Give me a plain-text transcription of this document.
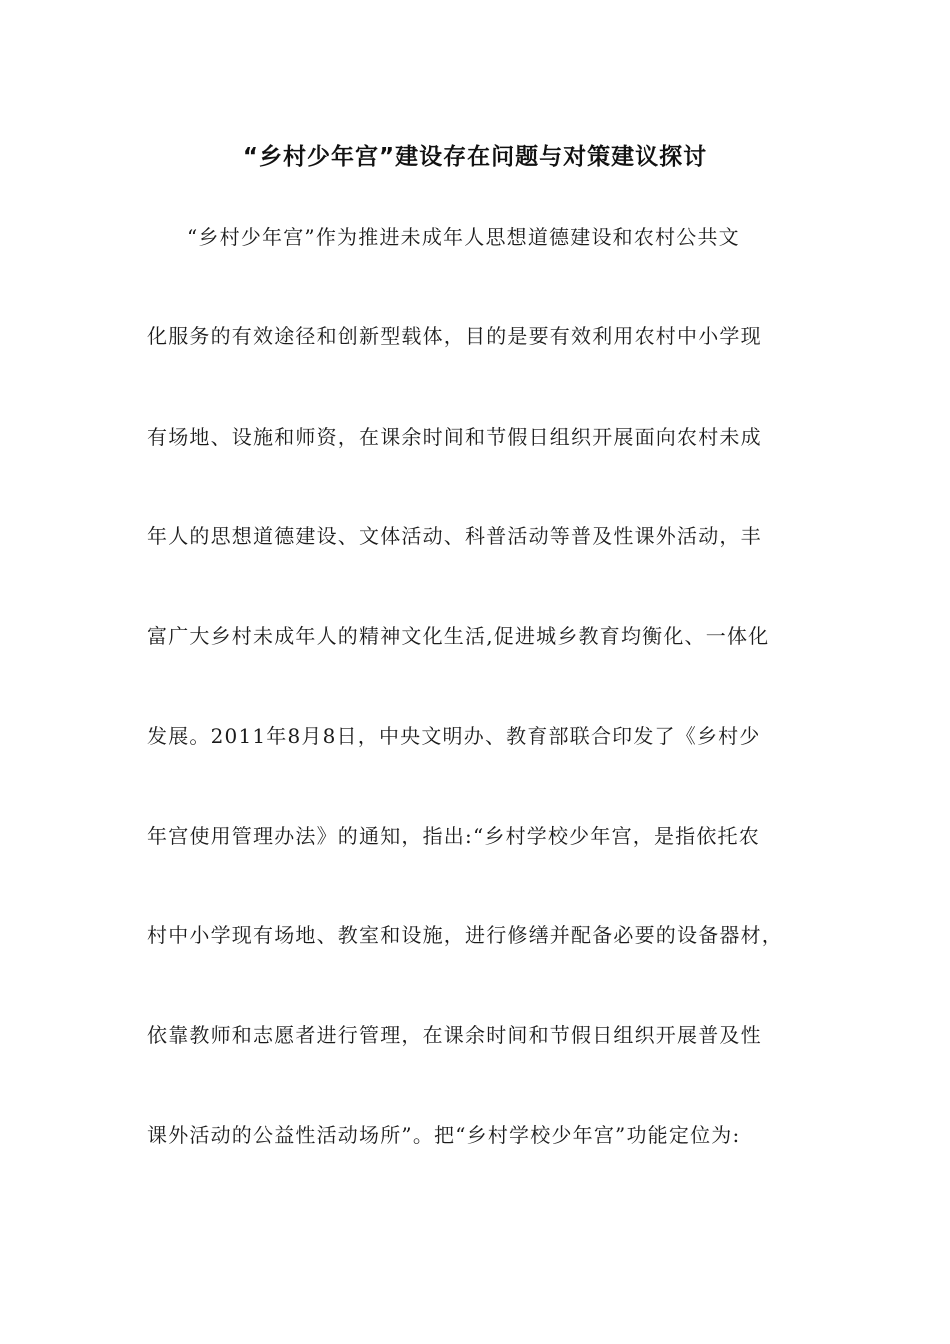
“乡村少年宫”建设存在问题与对策建议探讨
“乡村少年宫”作为推进未成年人思想道德建设和农村公共文
化服务的有效途径和创新型载体，目的是要有效利用农村中小学现
有场地、设施和师资，在课余时间和节假日组织开展面向农村未成
年人的思想道德建设、文体活动、科普活动等普及性课外活动，丰
富广大乡村未成年人的精神文化生活,促进城乡教育均衡化、一体化
发展。2011年8月8日，中央文明办、教育部联合印发了《乡村少
年宫使用管理办法》的通知，指出:“乡村学校少年宫，是指依托农
村中小学现有场地、教室和设施，进行修缮并配备必要的设备器材，
依靠教师和志愿者进行管理，在课余时间和节假日组织开展普及性
课外活动的公益性活动场所”。把“乡村学校少年宫”功能定位为:
